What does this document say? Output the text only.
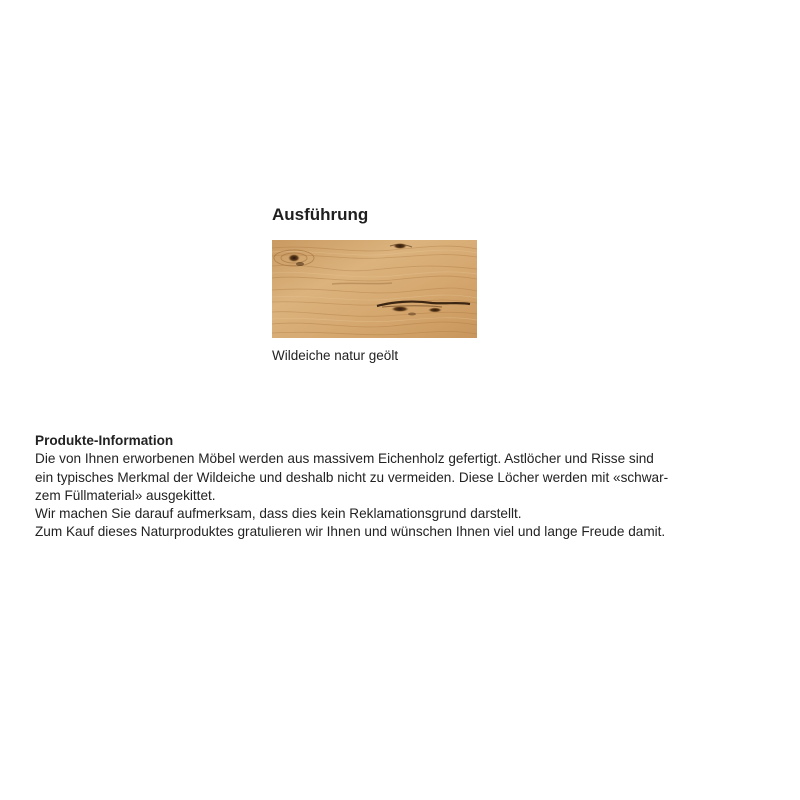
Ausführung
Wildeiche natur geölt

Produkte-Information

Die von Ihnen erworbenen Möbel werden aus massivem Eichenholz gefertigt. Astlöcher und Risse sind

ein typisches Merkmal der Wildeiche und deshalb nicht zu vermeiden. Diese Löcher werden mit «schwar-

zem Füllmaterial» ausgekittet.

Wir machen Sie darauf aufmerksam, dass dies kein Reklamationsgrund darstellt.

Zum Kauf dieses Naturproduktes gratulieren wir Ihnen und wünschen Ihnen viel und lange Freude damit.
